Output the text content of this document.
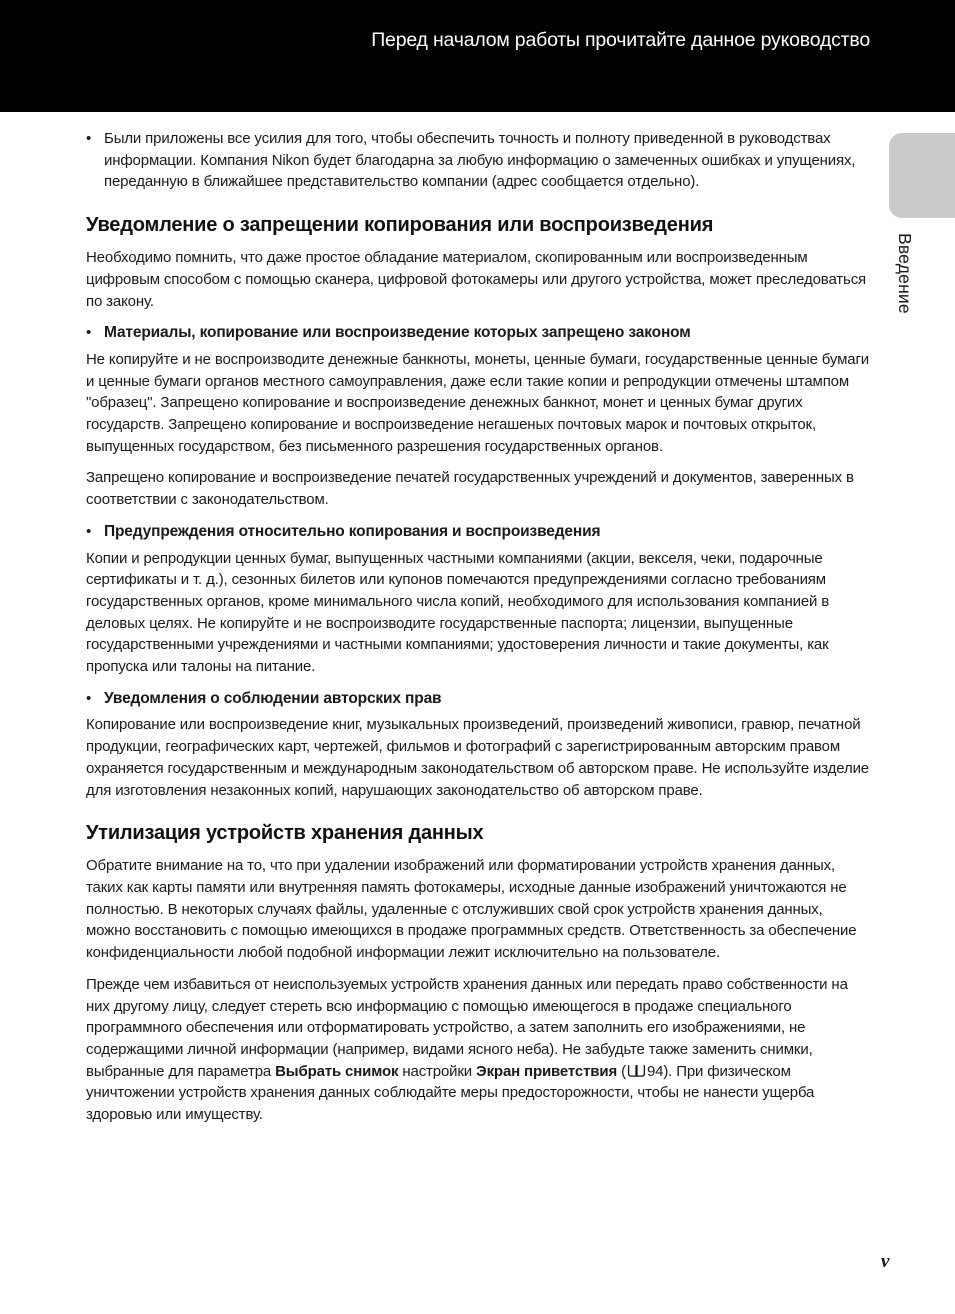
Перед началом работы прочитайте данное руководство
• Были приложены все усилия для того, чтобы обеспечить точность и полноту приведенной в руководствах информации. Компания Nikon будет благодарна за любую информацию о замеченных ошибках и упущениях, переданную в ближайшее представительство компании (адрес сообщается отдельно).
Уведомление о запрещении копирования или воспроизведения

Необходимо помнить, что даже простое обладание материалом, скопированным или воспроизведенным цифровым способом с помощью сканера, цифровой фотокамеры или другого устройства, может преследоваться по закону.

• Материалы, копирование или воспроизведение которых запрещено законом

Не копируйте и не воспроизводите денежные банкноты, монеты, ценные бумаги, государственные ценные бумаги и ценные бумаги органов местного самоуправления, даже если такие копии и репродукции отмечены штампом "образец". Запрещено копирование и воспроизведение денежных банкнот, монет и ценных бумаг других государств. Запрещено копирование и воспроизведение негашеных почтовых марок и почтовых открыток, выпущенных государством, без письменного разрешения государственных органов.

Запрещено копирование и воспроизведение печатей государственных учреждений и документов, заверенных в соответствии с законодательством.

• Предупреждения относительно копирования и воспроизведения

Копии и репродукции ценных бумаг, выпущенных частными компаниями (акции, векселя, чеки, подарочные сертификаты и т. д.), сезонных билетов или купонов помечаются предупреждениями согласно требованиям государственных органов, кроме минимального числа копий, необходимого для использования компанией в деловых целях. Не копируйте и не воспроизводите государственные паспорта; лицензии, выпущенные государственными учреждениями и частными компаниями; удостоверения личности и такие документы, как пропуска или талоны на питание.

• Уведомления о соблюдении авторских прав

Копирование или воспроизведение книг, музыкальных произведений, произведений живописи, гравюр, печатной продукции, географических карт, чертежей, фильмов и фотографий с зарегистрированным авторским правом охраняется государственным и международным законодательством об авторском праве. Не используйте изделие для изготовления незаконных копий, нарушающих законодательство об авторском праве.

Утилизация устройств хранения данных

Обратите внимание на то, что при удалении изображений или форматировании устройств хранения данных, таких как карты памяти или внутренняя память фотокамеры, исходные данные изображений уничтожаются не полностью. В некоторых случаях файлы, удаленные с отслуживших свой срок устройств хранения данных, можно восстановить с помощью имеющихся в продаже программных средств. Ответственность за обеспечение конфиденциальности любой подобной информации лежит исключительно на пользователе.

Прежде чем избавиться от неиспользуемых устройств хранения данных или передать право собственности на них другому лицу, следует стереть всю информацию с помощью имеющегося в продаже специального программного обеспечения или отформатировать устройство, а затем заполнить его изображениями, не содержащими личной информации (например, видами ясного неба). Не забудьте также заменить снимки, выбранные для параметра Выбрать снимок настройки Экран приветствия ( 94). При физическом уничтожении устройств хранения данных соблюдайте меры предосторожности, чтобы не нанести ущерба здоровью или имуществу.

Введение
v
